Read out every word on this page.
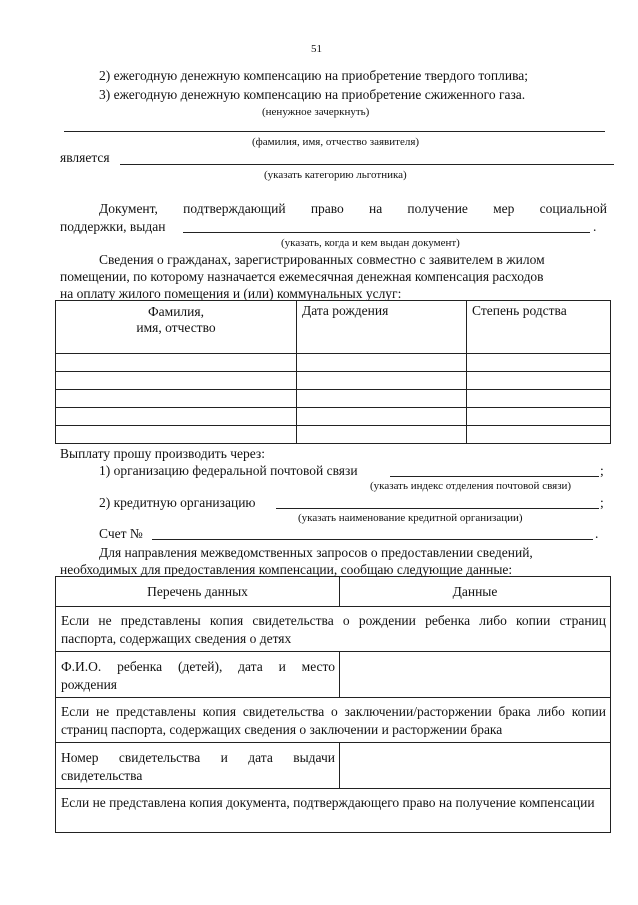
51
2) ежегодную денежную компенсацию на приобретение твердого топлива;
3) ежегодную денежную компенсацию на приобретение сжиженного газа.
(ненужное зачеркнуть)
(фамилия, имя, отчество заявителя)
является
(указать категорию льготника)
Документ, подтверждающий право на получение мер социальной
поддержки, выдан	.
(указать, когда и кем выдан документ)
Сведения о гражданах, зарегистрированных совместно с заявителем в жилом
помещении, по которому назначается ежемесячная денежная компенсация расходов
на оплату жилого помещения и (или) коммунальных услуг:
Фамилия,
имя, отчество	Дата рождения	Степень родства

Выплату прошу производить через:
1) организацию федеральной почтовой связи	;
(указать индекс отделения почтовой связи)
2) кредитную организацию	;
(указать наименование кредитной организации)
Счет №	.
Для направления межведомственных запросов о предоставлении сведений,
необходимых для предоставления компенсации, сообщаю следующие данные:
Перечень данных	Данные
Если не представлены копия свидетельства о рождении ребенка либо копии страниц паспорта, содержащих сведения о детях	
Ф.И.О. ребенка (детей), дата и место рождения	
Если не представлены копия свидетельства о заключении/расторжении брака либо копии страниц паспорта, содержащих сведения о заключении и расторжении брака	
Номер свидетельства и дата выдачи свидетельства	
Если не представлена копия документа, подтверждающего право на получение компенсации	
